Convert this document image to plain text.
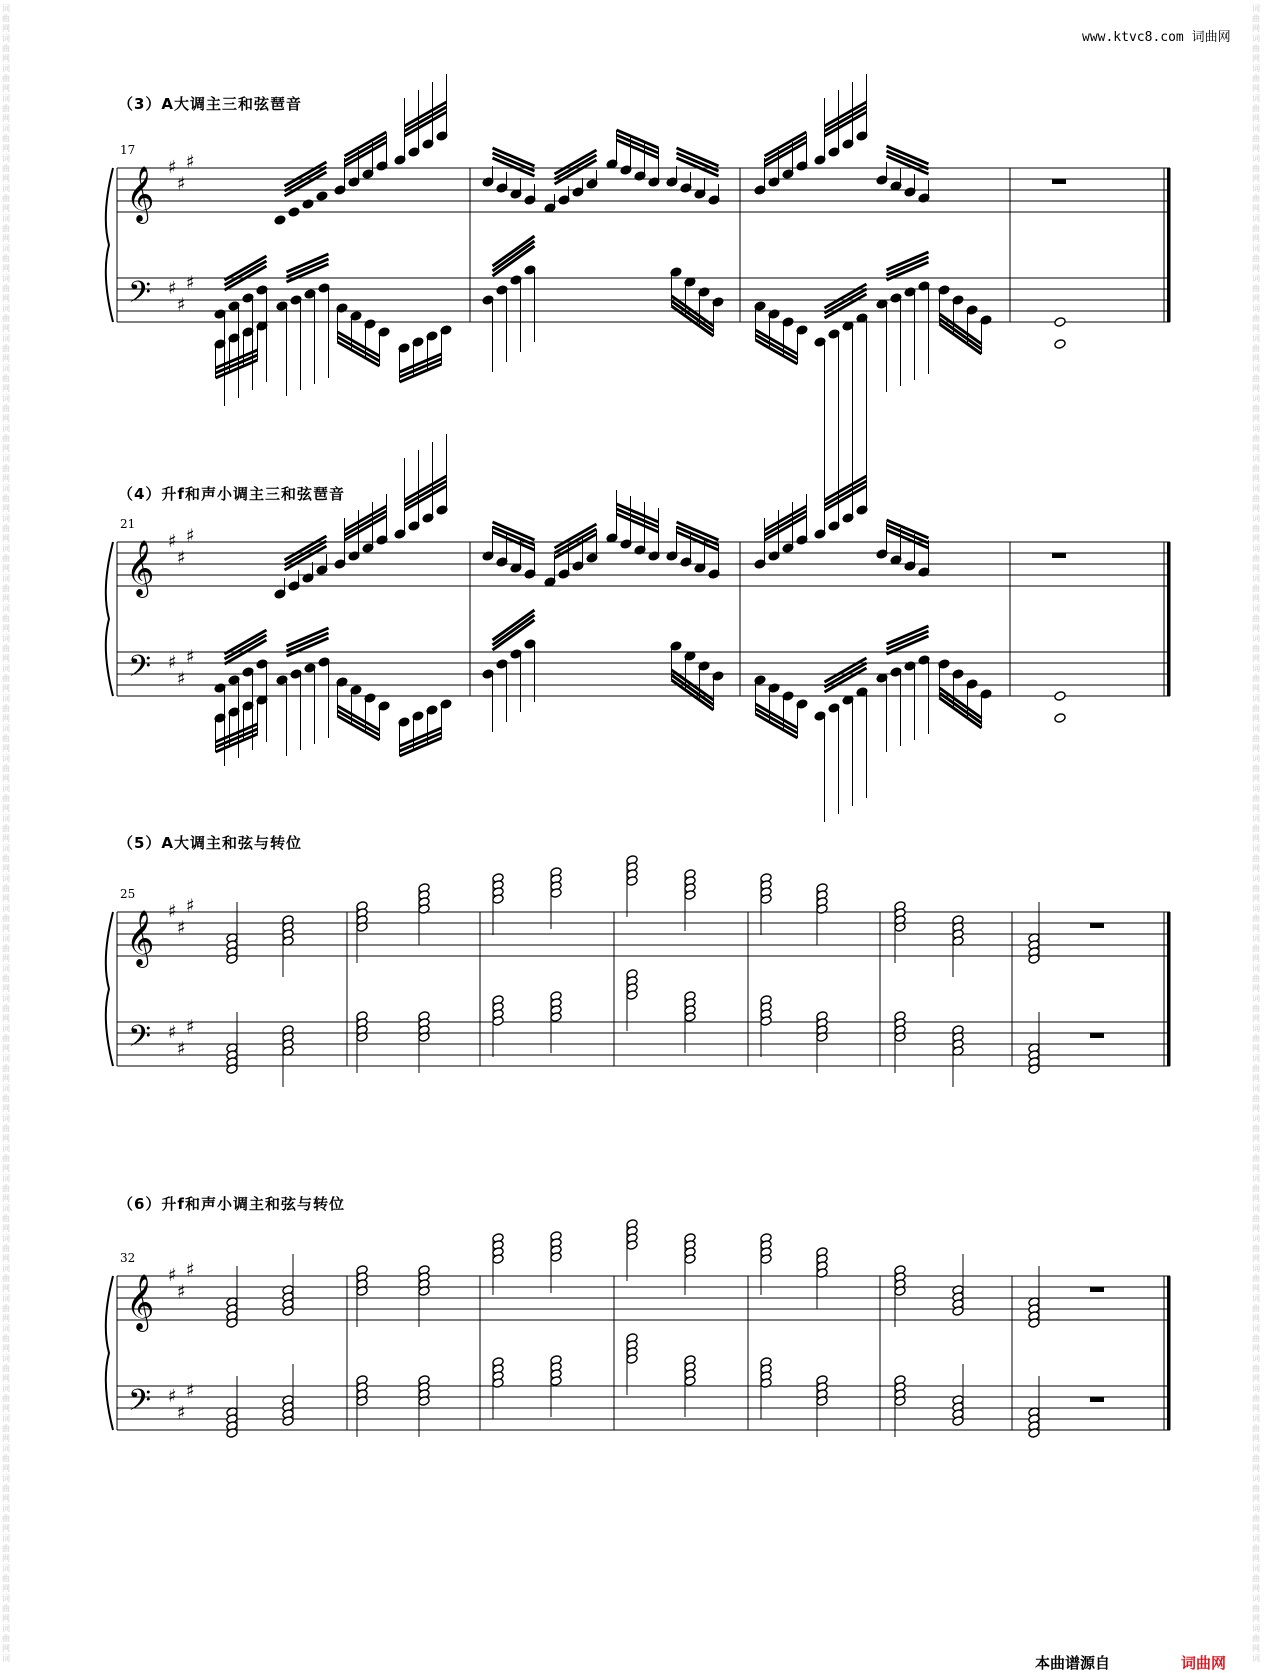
词
曲
网
词
曲
网
词
曲
网
词
曲
网
词
曲
网
词
曲
网
词
曲
网
词
曲
网
词
曲
网
词
曲
网
词
曲
网
词
曲
网
词
曲
网
词
曲
网
词
曲
网
词
曲
网
词
曲
网
词
曲
网
词
曲
网
词
曲
网
词
曲
网
词
曲
网
词
曲
网
词
曲
网
词
曲
网
词
曲
网
词
曲
网
词
曲
网
词
曲
网
词
曲
网
词
曲
网
词
曲
网
词
曲
网
词
曲
网
词
曲
网
词
曲
网
词
曲
网
词
曲
网
词
曲
网
词
曲
网
词
曲
网
词
曲
网
词
曲
网
词
曲
网
词
曲
网
词
曲
网
词
曲
网
词
曲
网
词
曲
网
词
曲
网
词
曲
网
词
曲
网
词
曲
网
词
曲
网
词
曲
网
词
词
曲
网
词
曲
网
词
曲
网
词
曲
网
词
曲
网
词
曲
网
词
曲
网
词
曲
网
词
曲
网
词
曲
网
词
曲
网
词
曲
网
词
曲
网
词
曲
网
词
曲
网
词
曲
网
词
曲
网
词
曲
网
词
曲
网
词
曲
网
词
曲
网
词
曲
网
词
曲
网
词
曲
网
词
曲
网
词
曲
网
词
曲
网
词
曲
网
词
曲
网
词
曲
网
词
曲
网
词
曲
网
词
曲
网
词
曲
网
词
曲
网
词
曲
网
词
曲
网
词
曲
网
词
曲
网
词
曲
网
词
曲
网
词
曲
网
词
曲
网
词
曲
网
词
曲
网
词
曲
网
词
曲
网
词
曲
网
词
曲
网
词
曲
网
词
曲
网
词
曲
网
词
曲
网
词
曲
网
词
曲
网
词
www.ktvc8.com 词曲网
（3）A大调主三和弦琶音
（4）升f和声小调主三和弦琶音
（5）A大调主和弦与转位
（6）升f和声小调主和弦与转位
17
𝄞
𝄢
♯
♯
♯
♯
♯
♯
21
𝄞
𝄢
♯
♯
♯
♯
♯
♯
25
𝄞
𝄢
♯
♯
♯
♯
♯
♯
32
𝄞
𝄢
♯
♯
♯
♯
♯
♯
本曲谱源自	词曲网
